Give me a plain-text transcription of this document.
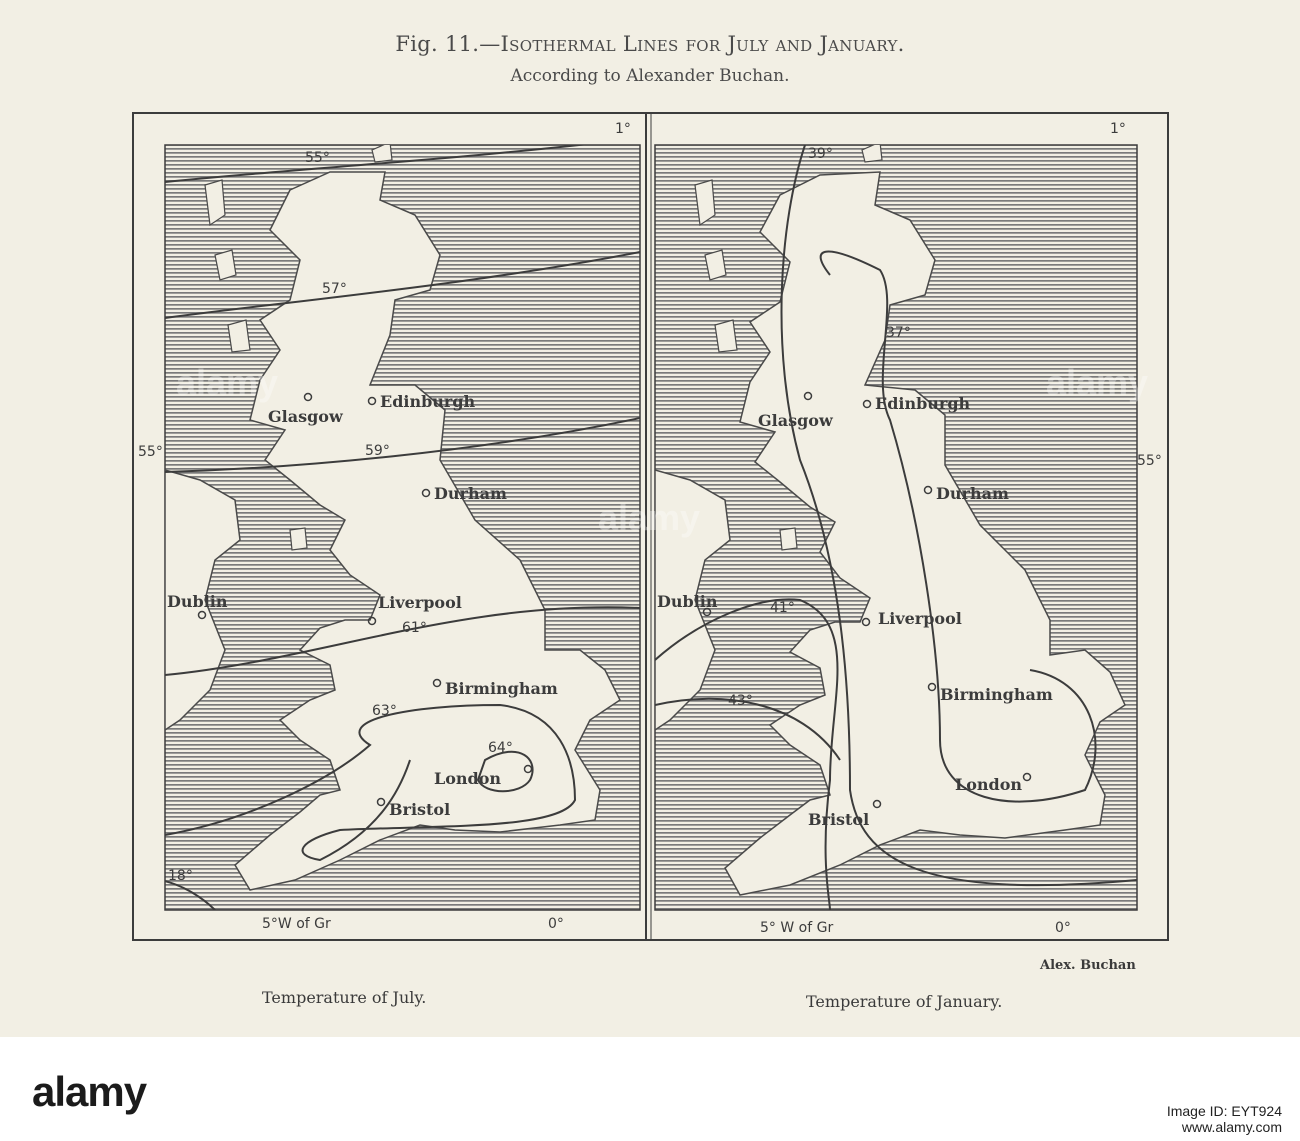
Fig. 11.—Isothermal Lines for July and January.
According to Alexander Buchan.
1°	1°
55°
55°
5°W of Gr	0°	5° W of Gr	0°
55°
57°
59°
61°
63°
64°
18°
39°
37°
41°
43°
Glasgow
Edinburgh
Durham
Dublin	Liverpool
Birmingham
London
Bristol
Glasgow
Edinburgh
Durham
Dublin
Liverpool
Birmingham
London
Bristol
alamy	alamy
alamy
Alex. Buchan
Temperature of July.	Temperature of January.
alamy	Image ID: EYT924
www.alamy.com
